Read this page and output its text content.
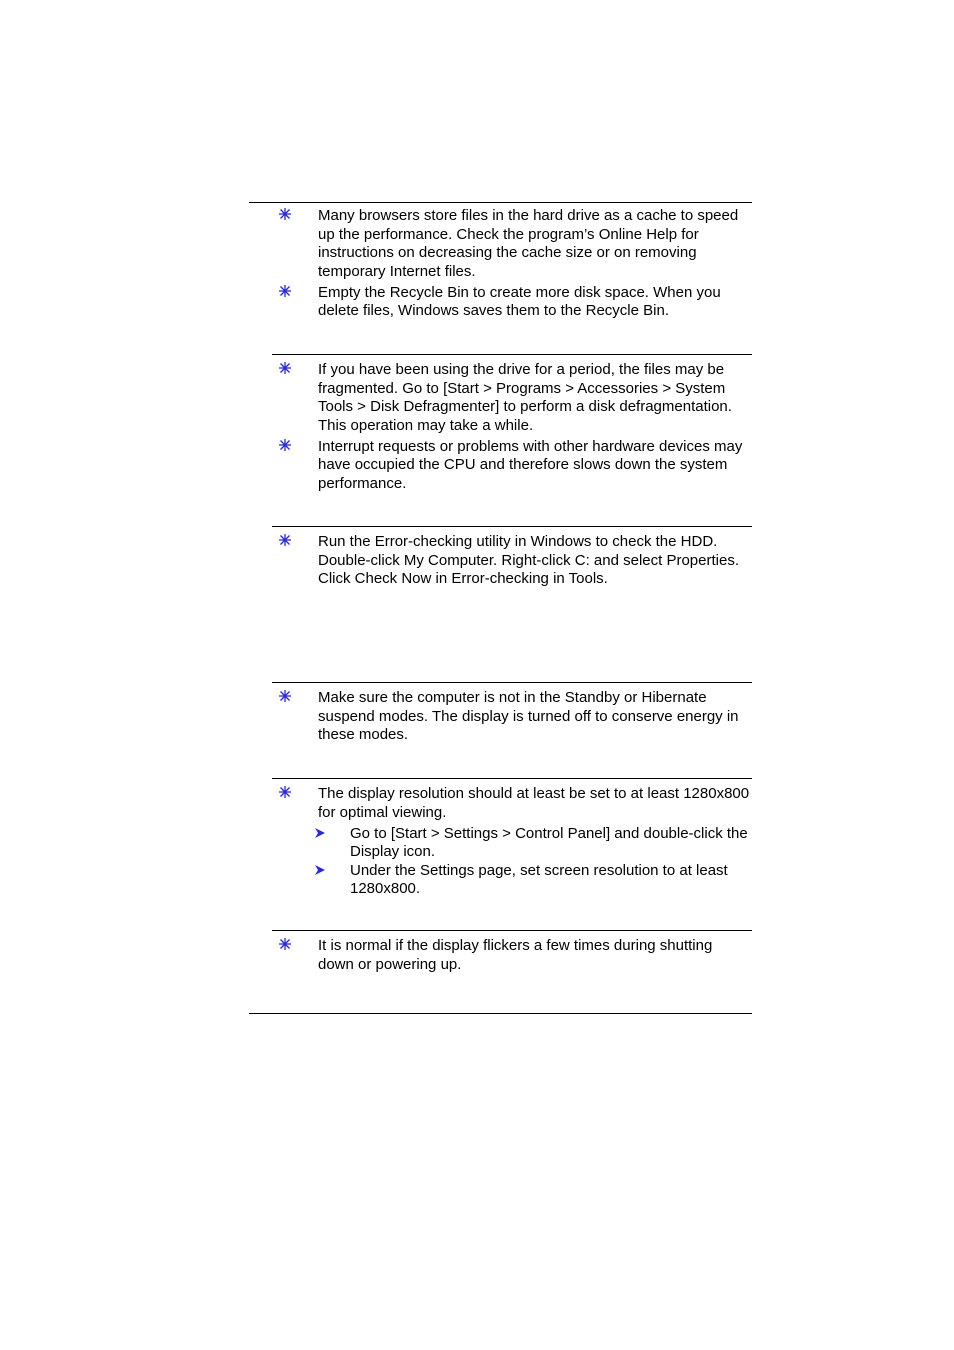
Many browsers store files in the hard drive as a cache to speed up the performance. Check the program’s Online Help for instructions on decreasing the cache size or on removing temporary Internet files.
Empty the Recycle Bin to create more disk space. When you delete files, Windows saves them to the Recycle Bin.
If you have been using the drive for a period, the files may be fragmented. Go to [Start > Programs > Accessories > System Tools > Disk Defragmenter] to perform a disk defragmentation. This operation may take a while.
Interrupt requests or problems with other hardware devices may have occupied the CPU and therefore slows down the system performance.
Run the Error-checking utility in Windows to check the HDD. Double-click My Computer. Right-click C: and select Properties. Click Check Now in Error-checking in Tools.
Make sure the computer is not in the Standby or Hibernate suspend modes. The display is turned off to conserve energy in these modes.
The display resolution should at least be set to at least 1280x800 for optimal viewing.
Go to [Start > Settings > Control Panel] and double-click the Display icon.
Under the Settings page, set screen resolution to at least 1280x800.
It is normal if the display flickers a few times during shutting down or powering up.
